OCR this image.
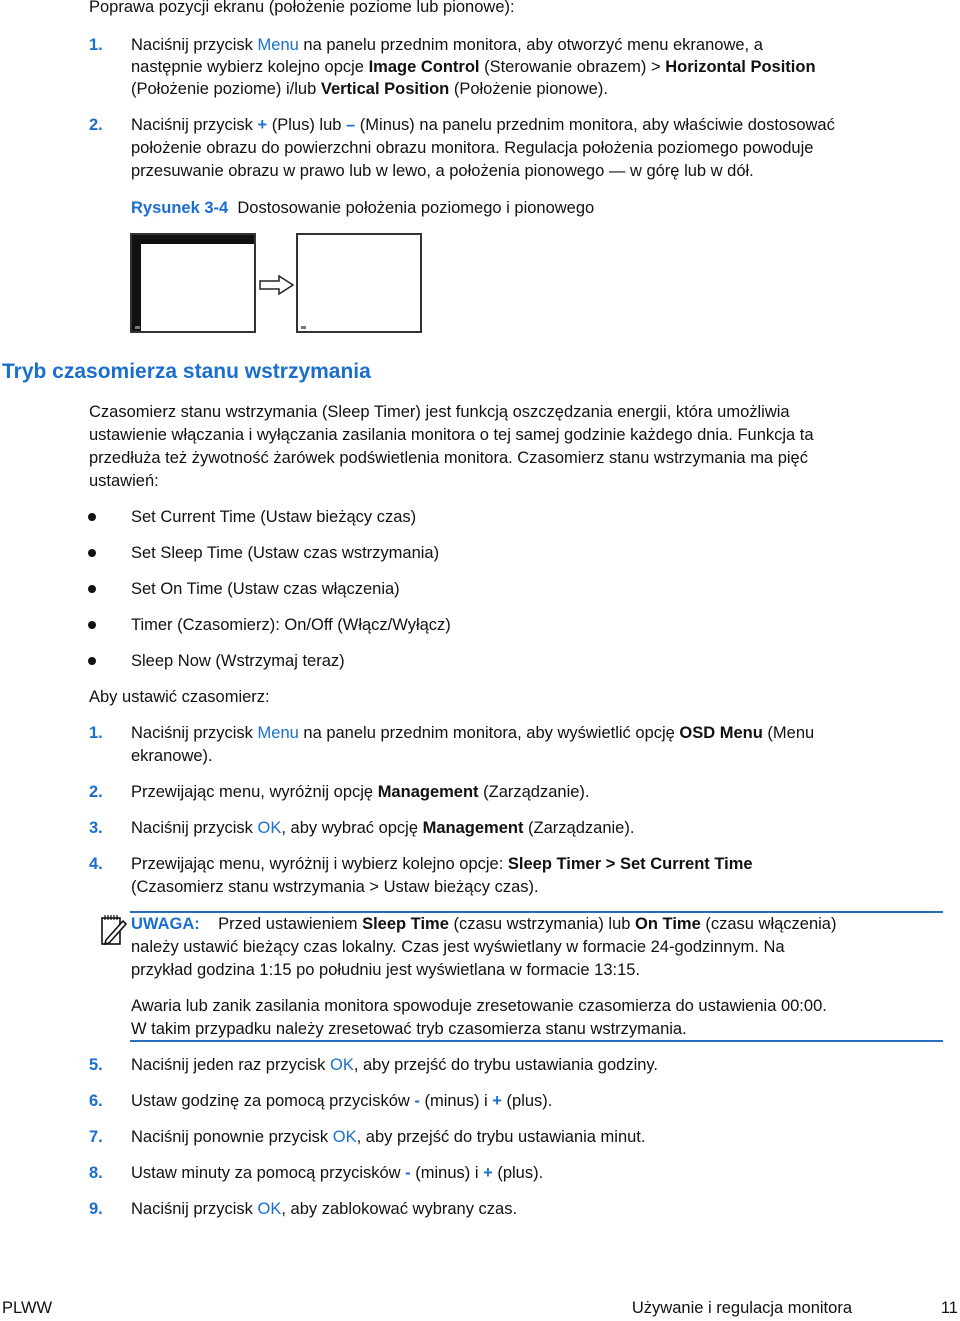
Poprawa pozycji ekranu (położenie poziome lub pionowe):
1. Naciśnij przycisk Menu na panelu przednim monitora, aby otworzyć menu ekranowe, a
następnie wybierz kolejno opcje Image Control (Sterowanie obrazem) > Horizontal Position
(Położenie poziome) i/lub Vertical Position (Położenie pionowe).
2. Naciśnij przycisk + (Plus) lub – (Minus) na panelu przednim monitora, aby właściwie dostosować
położenie obrazu do powierzchni obrazu monitora. Regulacja położenia poziomego powoduje
przesuwanie obrazu w prawo lub w lewo, a położenia pionowego — w górę lub w dół.
Rysunek 3-4 Dostosowanie położenia poziomego i pionowego
Tryb czasomierza stanu wstrzymania
Czasomierz stanu wstrzymania (Sleep Timer) jest funkcją oszczędzania energii, która umożliwia
ustawienie włączania i wyłączania zasilania monitora o tej samej godzinie każdego dnia. Funkcja ta
przedłuża też żywotność żarówek podświetlenia monitora. Czasomierz stanu wstrzymania ma pięć
ustawień:
Set Current Time (Ustaw bieżący czas)
Set Sleep Time (Ustaw czas wstrzymania)
Set On Time (Ustaw czas włączenia)
Timer (Czasomierz): On/Off (Włącz/Wyłącz)
Sleep Now (Wstrzymaj teraz)
Aby ustawić czasomierz:
1. Naciśnij przycisk Menu na panelu przednim monitora, aby wyświetlić opcję OSD Menu (Menu
ekranowe).
2. Przewijając menu, wyróżnij opcję Management (Zarządzanie).
3. Naciśnij przycisk OK, aby wybrać opcję Management (Zarządzanie).
4. Przewijając menu, wyróżnij i wybierz kolejno opcje: Sleep Timer > Set Current Time
(Czasomierz stanu wstrzymania > Ustaw bieżący czas).
UWAGA: Przed ustawieniem Sleep Time (czasu wstrzymania) lub On Time (czasu włączenia)
należy ustawić bieżący czas lokalny. Czas jest wyświetlany w formacie 24-godzinnym. Na
przykład godzina 1:15 po południu jest wyświetlana w formacie 13:15.
Awaria lub zanik zasilania monitora spowoduje zresetowanie czasomierza do ustawienia 00:00.
W takim przypadku należy zresetować tryb czasomierza stanu wstrzymania.
5. Naciśnij jeden raz przycisk OK, aby przejść do trybu ustawiania godziny.
6. Ustaw godzinę za pomocą przycisków - (minus) i + (plus).
7. Naciśnij ponownie przycisk OK, aby przejść do trybu ustawiania minut.
8. Ustaw minuty za pomocą przycisków - (minus) i + (plus).
9. Naciśnij przycisk OK, aby zablokować wybrany czas.
PLWW	Używanie i regulacja monitora	11
